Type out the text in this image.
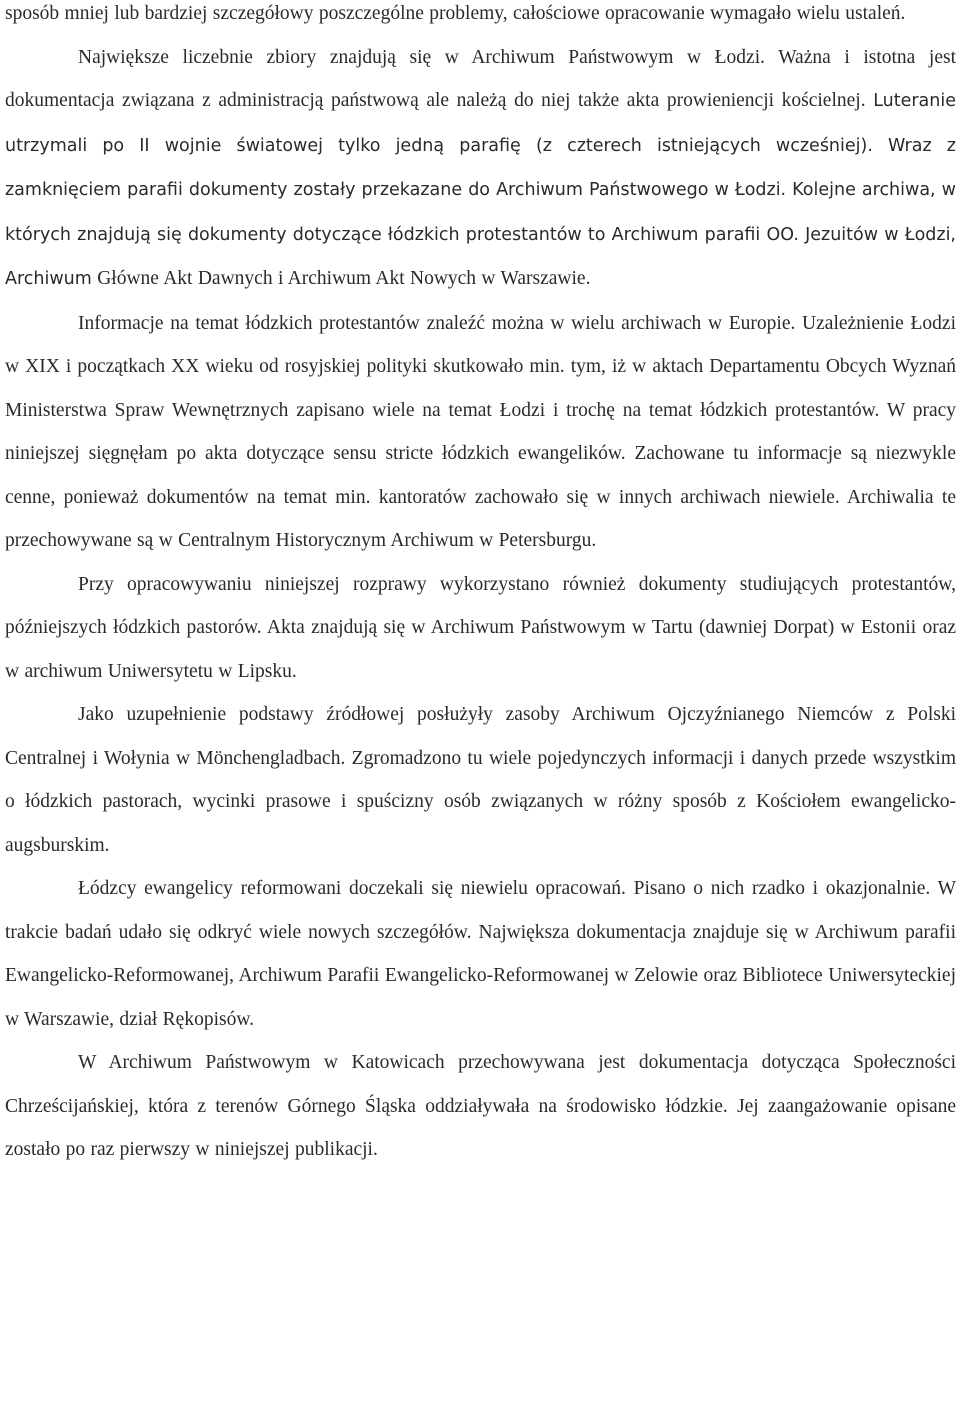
sposób mniej lub bardziej szczegółowy poszczególne problemy, całościowe opracowanie wymagało wielu ustaleń.

Największe liczebnie zbiory znajdują się w Archiwum Państwowym w Łodzi. Ważna i istotna jest dokumentacja związana z administracją państwową ale należą do niej także akta prowieniencji kościelnej. Luteranie utrzymali po II wojnie światowej tylko jedną parafię (z czterech istniejących wcześniej). Wraz z zamknięciem parafii dokumenty zostały przekazane do Archiwum Państwowego w Łodzi. Kolejne archiwa, w których znajdują się dokumenty dotyczące łódzkich protestantów to Archiwum parafii OO. Jezuitów w Łodzi, Archiwum Główne Akt Dawnych i Archiwum Akt Nowych w Warszawie.

Informacje na temat łódzkich protestantów znaleźć można w wielu archiwach w Europie. Uzależnienie Łodzi w XIX i początkach XX wieku od rosyjskiej polityki skutkowało min. tym, iż w aktach Departamentu Obcych Wyznań Ministerstwa Spraw Wewnętrznych zapisano wiele na temat Łodzi i trochę na temat łódzkich protestantów. W pracy niniejszej sięgnęłam po akta dotyczące sensu stricte łódzkich ewangelików. Zachowane tu informacje są niezwykle cenne, ponieważ dokumentów na temat min. kantoratów zachowało się w innych archiwach niewiele. Archiwalia te przechowywane są w Centralnym Historycznym Archiwum w Petersburgu.

Przy opracowywaniu niniejszej rozprawy wykorzystano również dokumenty studiujących protestantów, późniejszych łódzkich pastorów. Akta znajdują się w Archiwum Państwowym w Tartu (dawniej Dorpat) w Estonii oraz w archiwum Uniwersytetu w Lipsku.

Jako uzupełnienie podstawy źródłowej posłużyły zasoby Archiwum Ojczyźnianego Niemców z Polski Centralnej i Wołynia w Mönchengladbach. Zgromadzono tu wiele pojedynczych informacji i danych przede wszystkim o łódzkich pastorach, wycinki prasowe i spuścizny osób związanych w różny sposób z Kościołem ewangelicko-augsburskim.

Łódzcy ewangelicy reformowani doczekali się niewielu opracowań. Pisano o nich rzadko i okazjonalnie. W trakcie badań udało się odkryć wiele nowych szczegółów. Największa dokumentacja znajduje się w Archiwum parafii Ewangelicko-Reformowanej, Archiwum Parafii Ewangelicko-Reformowanej w Zelowie oraz Bibliotece Uniwersyteckiej w Warszawie, dział Rękopisów.

W Archiwum Państwowym w Katowicach przechowywana jest dokumentacja dotycząca Społeczności Chrześcijańskiej, która z terenów Górnego Śląska oddziaływała na środowisko łódzkie. Jej zaangażowanie opisane zostało po raz pierwszy w niniejszej publikacji.
